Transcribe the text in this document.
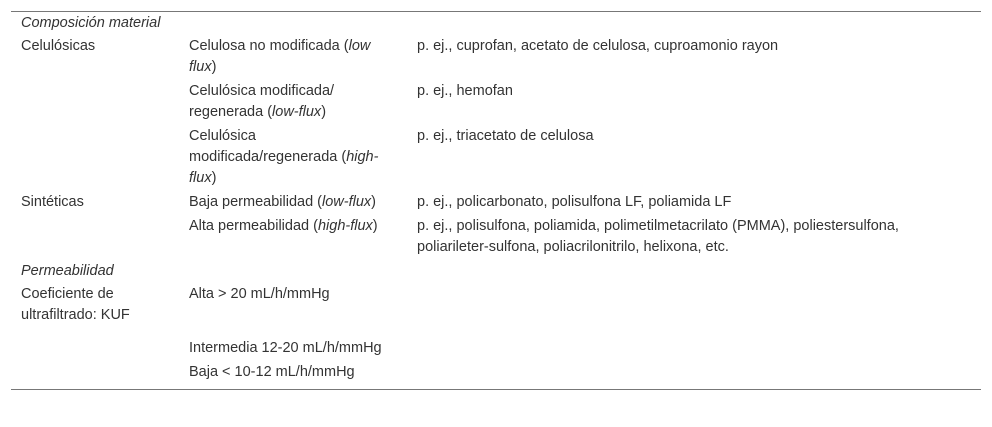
Composición material		
Celulósicas	Celulosa no modificada (low flux)	p. ej., cuprofan, acetato de celulosa, cuproamonio rayon
	Celulósica modificada/ regenerada (low-flux)	p. ej., hemofan
	Celulósica modificada/regenerada (high-flux)	p. ej., triacetato de celulosa
Sintéticas	Baja permeabilidad (low-flux)	p. ej., policarbonato, polisulfona LF, poliamida LF
	Alta permeabilidad (high-flux)	p. ej., polisulfona, poliamida, polimetilmetacrilato (PMMA), poliestersulfona, poliarileter-sulfona, poliacrilonitrilo, helixona, etc.
Permeabilidad		
Coeficiente de ultrafiltrado: KUF	Alta > 20 mL/h/mmHg	
	Intermedia 12-20 mL/h/mmHg	
	Baja < 10-12 mL/h/mmHg	
